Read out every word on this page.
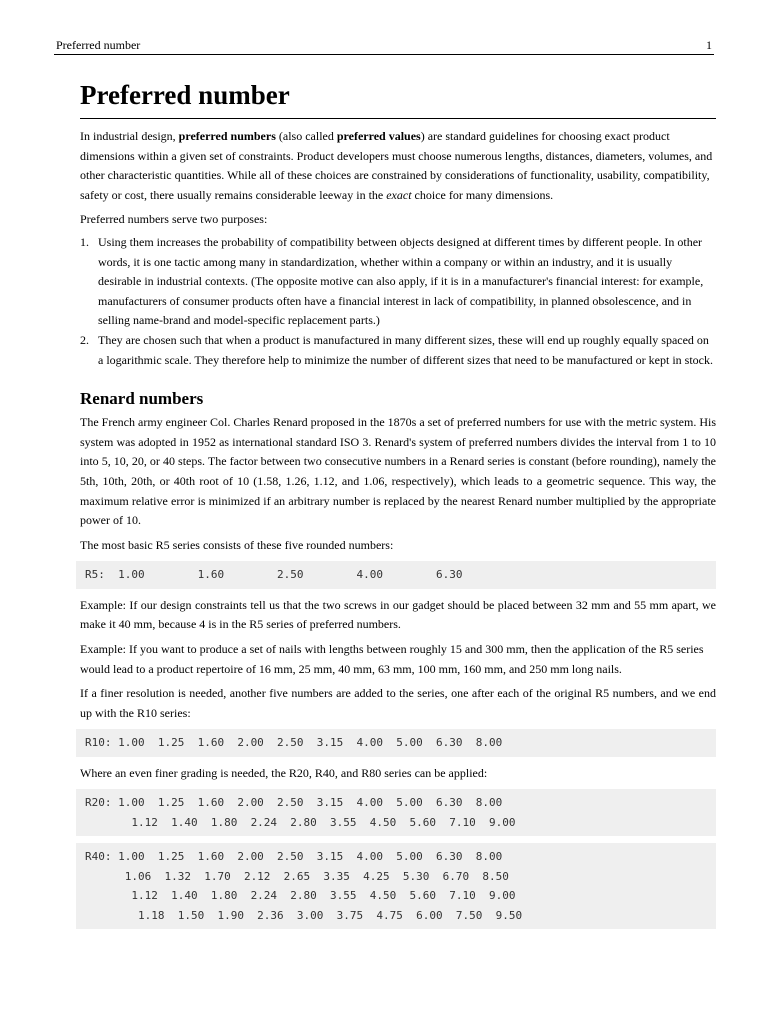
Preferred number	1
Preferred number

In industrial design, preferred numbers (also called preferred values) are standard guidelines for choosing exact product dimensions within a given set of constraints. Product developers must choose numerous lengths, distances, diameters, volumes, and other characteristic quantities. While all of these choices are constrained by considerations of functionality, usability, compatibility, safety or cost, there usually remains considerable leeway in the exact choice for many dimensions.

Preferred numbers serve two purposes:

1. Using them increases the probability of compatibility between objects designed at different times by different people. In other words, it is one tactic among many in standardization, whether within a company or within an industry, and it is usually desirable in industrial contexts. (The opposite motive can also apply, if it is in a manufacturer's financial interest: for example, manufacturers of consumer products often have a financial interest in lack of compatibility, in planned obsolescence, and in selling name-brand and model-specific replacement parts.)
2. They are chosen such that when a product is manufactured in many different sizes, these will end up roughly equally spaced on a logarithmic scale. They therefore help to minimize the number of different sizes that need to be manufactured or kept in stock.
Renard numbers

The French army engineer Col. Charles Renard proposed in the 1870s a set of preferred numbers for use with the metric system. His system was adopted in 1952 as international standard ISO 3. Renard's system of preferred numbers divides the interval from 1 to 10 into 5, 10, 20, or 40 steps. The factor between two consecutive numbers in a Renard series is constant (before rounding), namely the 5th, 10th, 20th, or 40th root of 10 (1.58, 1.26, 1.12, and 1.06, respectively), which leads to a geometric sequence. This way, the maximum relative error is minimized if an arbitrary number is replaced by the nearest Renard number multiplied by the appropriate power of 10.

The most basic R5 series consists of these five rounded numbers:

R5:  1.00        1.60        2.50        4.00        6.30

Example: If our design constraints tell us that the two screws in our gadget should be placed between 32 mm and 55 mm apart, we make it 40 mm, because 4 is in the R5 series of preferred numbers.

Example: If you want to produce a set of nails with lengths between roughly 15 and 300 mm, then the application of the R5 series would lead to a product repertoire of 16 mm, 25 mm, 40 mm, 63 mm, 100 mm, 160 mm, and 250 mm long nails.

If a finer resolution is needed, another five numbers are added to the series, one after each of the original R5 numbers, and we end up with the R10 series:

R10: 1.00  1.25  1.60  2.00  2.50  3.15  4.00  5.00  6.30  8.00

Where an even finer grading is needed, the R20, R40, and R80 series can be applied:

R20: 1.00  1.25  1.60  2.00  2.50  3.15  4.00  5.00  6.30  8.00
1.12  1.40  1.80  2.24  2.80  3.55  4.50  5.60  7.10  9.00
R40: 1.00  1.25  1.60  2.00  2.50  3.15  4.00  5.00  6.30  8.00
1.06  1.32  1.70  2.12  2.65  3.35  4.25  5.30  6.70  8.50
1.12  1.40  1.80  2.24  2.80  3.55  4.50  5.60  7.10  9.00
1.18  1.50  1.90  2.36  3.00  3.75  4.75  6.00  7.50  9.50
